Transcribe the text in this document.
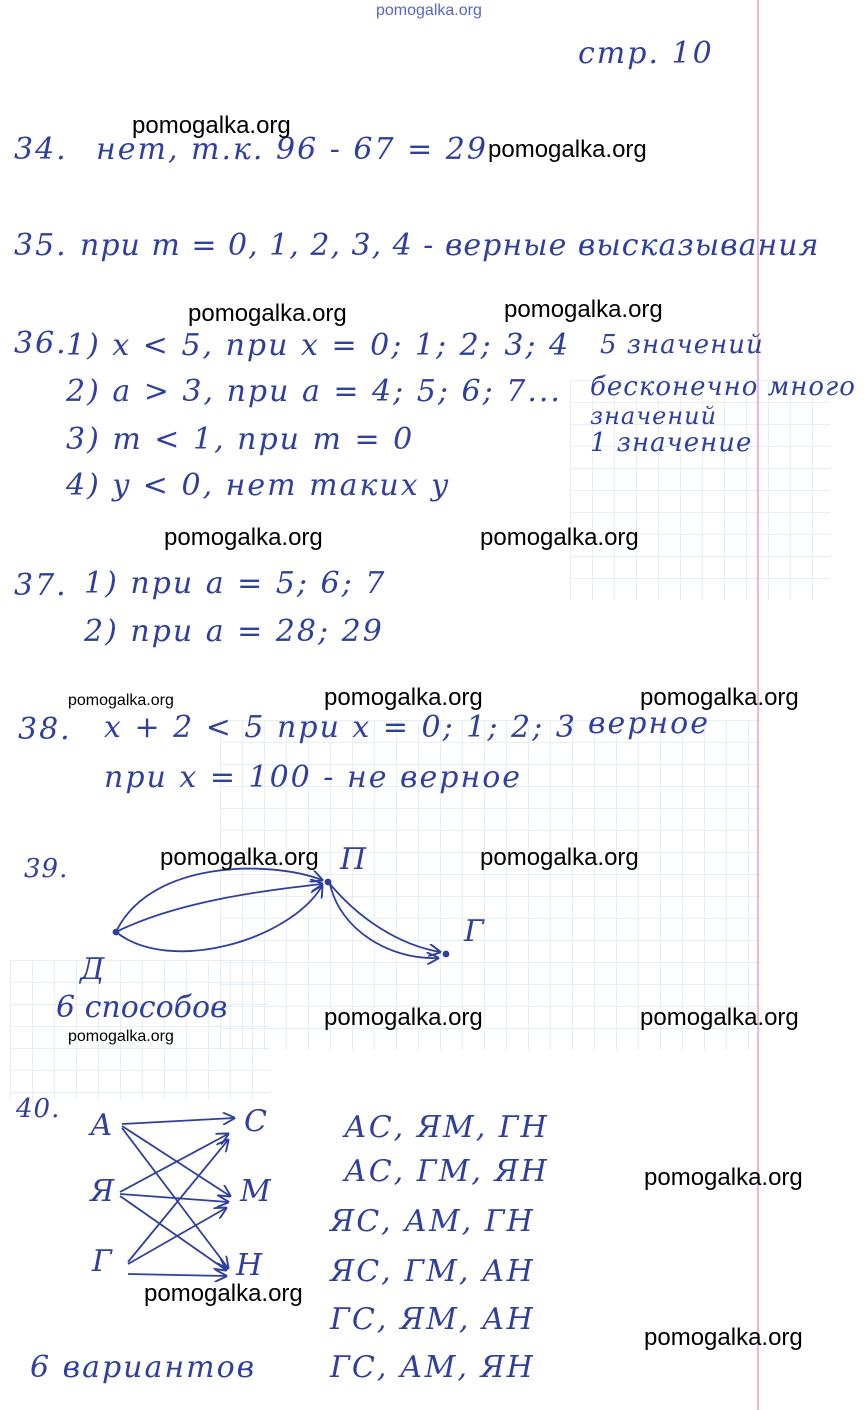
pomogalka.org
стр. 10
34. нет, т.к. 96 - 67 = 29
35. при m = 0, 1, 2, 3, 4 - верные высказывания
36.
1) x < 5, при x = 0; 1; 2; 3; 4
2) a > 3, при a = 4; 5; 6; 7...
3) m < 1, при m = 0
4) y < 0, нет таких y
5 значений
бесконечно много
значений
1 значение
37. 1) при a = 5; 6; 7
2) при a = 28; 29
38. x + 2 < 5 при x = 0; 1; 2; 3
при x = 100 - не верное
верное
39.	П
Г
Д
6 способов
40. А
Я
Г
С
М
Н
АС, ЯМ, ГН
АС, ГМ, ЯН
ЯС, АМ, ГН
ЯС, ГМ, АН
ГС, ЯМ, АН
ГС, АМ, ЯН
6 вариантов
pomogalka.org
pomogalka.org
pomogalka.org	pomogalka.org
pomogalka.org	pomogalka.org
pomogalka.org	pomogalka.org	pomogalka.org
pomogalka.org	pomogalka.org
pomogalka.org	pomogalka.org
pomogalka.org
pomogalka.org
pomogalka.org
pomogalka.org
